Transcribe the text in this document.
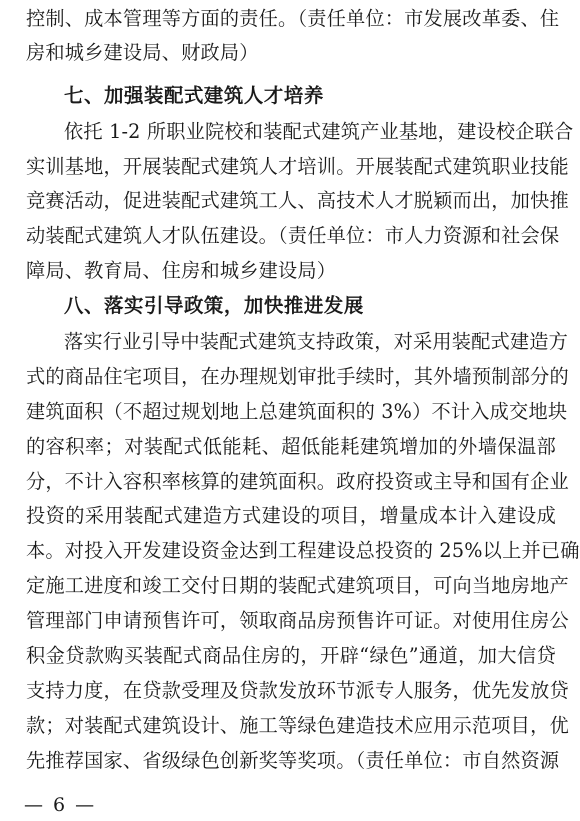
控制、成本管理等方面的责任。（责任单位：市发展改革委、住
房和城乡建设局、财政局）
七、加强装配式建筑人才培养
依托 1-2 所职业院校和装配式建筑产业基地，建设校企联合
实训基地，开展装配式建筑人才培训。开展装配式建筑职业技能
竞赛活动，促进装配式建筑工人、高技术人才脱颖而出，加快推
动装配式建筑人才队伍建设。（责任单位：市人力资源和社会保
障局、教育局、住房和城乡建设局）
八、落实引导政策，加快推进发展
落实行业引导中装配式建筑支持政策，对采用装配式建造方
式的商品住宅项目，在办理规划审批手续时，其外墙预制部分的
建筑面积（不超过规划地上总建筑面积的 3%）不计入成交地块
的容积率；对装配式低能耗、超低能耗建筑增加的外墙保温部
分，不计入容积率核算的建筑面积。政府投资或主导和国有企业
投资的采用装配式建造方式建设的项目，增量成本计入建设成
本。对投入开发建设资金达到工程建设总投资的 25%以上并已确
定施工进度和竣工交付日期的装配式建筑项目，可向当地房地产
管理部门申请预售许可，领取商品房预售许可证。对使用住房公
积金贷款购买装配式商品住房的，开辟“绿色”通道，加大信贷
支持力度，在贷款受理及贷款发放环节派专人服务，优先发放贷
款；对装配式建筑设计、施工等绿色建造技术应用示范项目，优
先推荐国家、省级绿色创新奖等奖项。（责任单位：市自然资源
— 6 —
